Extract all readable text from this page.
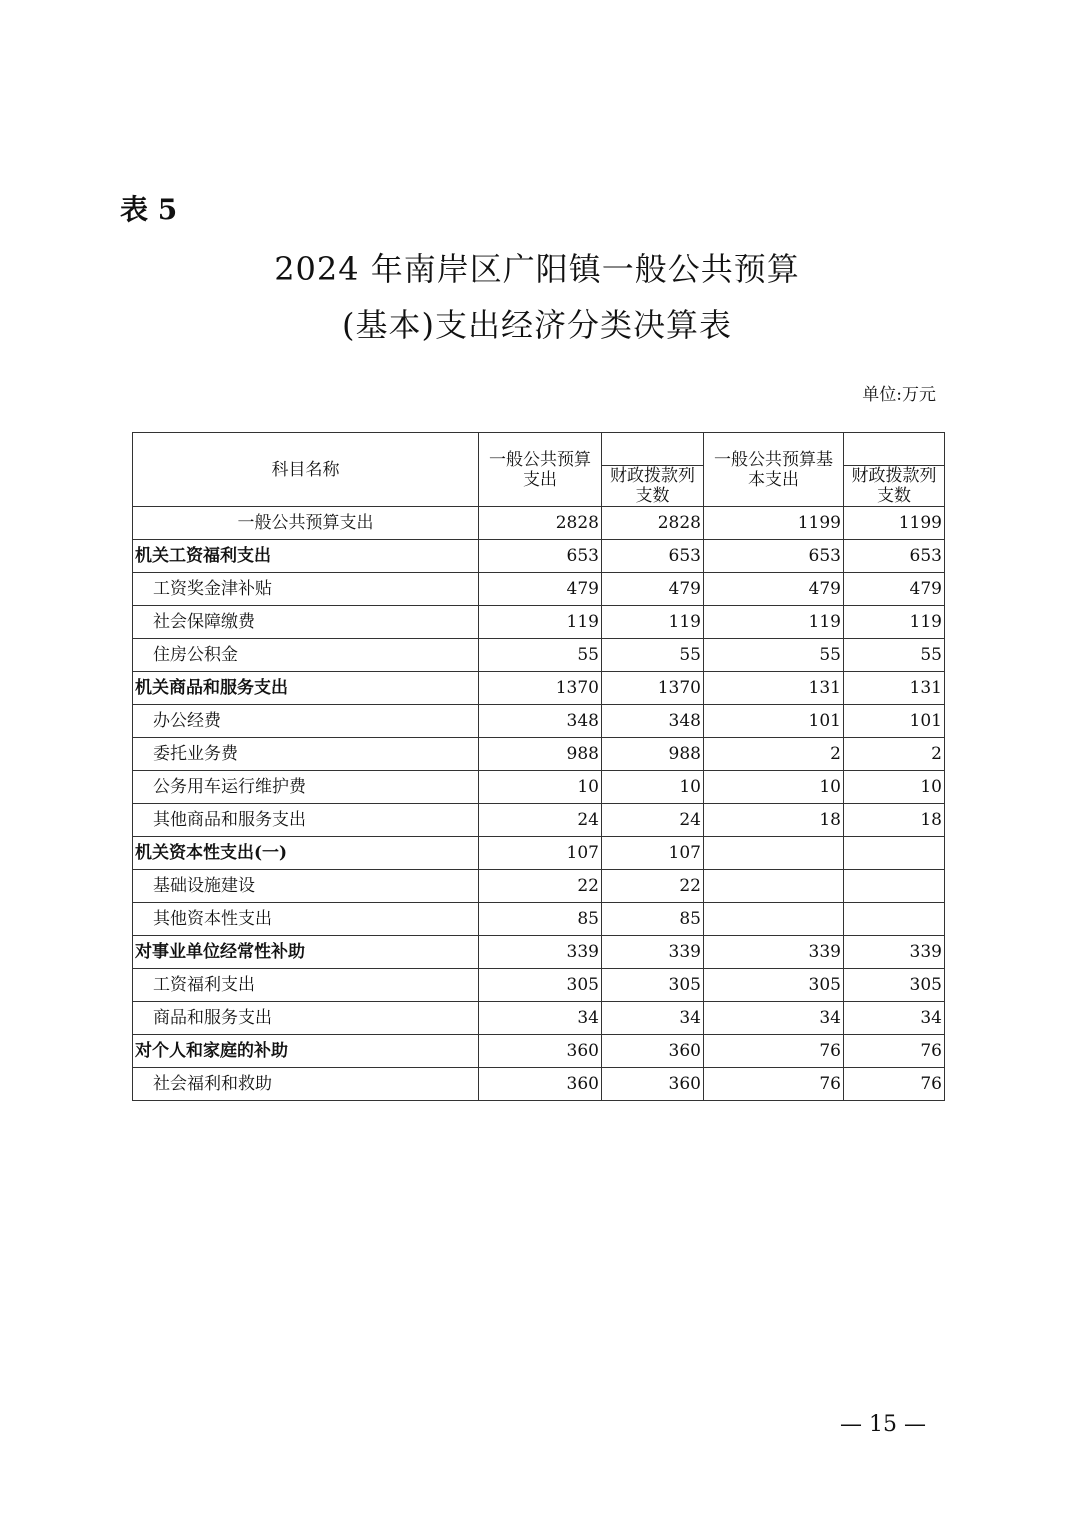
表 5
2024 年南岸区广阳镇一般公共预算
(基本)支出经济分类决算表
单位:万元
科目名称	一般公共预算支出		一般公共预算基本支出	
		财政拨款列支数		财政拨款列支数
一般公共预算支出	2828	2828	1199	1199
机关工资福利支出	653	653	653	653
工资奖金津补贴	479	479	479	479
社会保障缴费	119	119	119	119
住房公积金	55	55	55	55
机关商品和服务支出	1370	1370	131	131
办公经费	348	348	101	101
委托业务费	988	988	2	2
公务用车运行维护费	10	10	10	10
其他商品和服务支出	24	24	18	18
机关资本性支出(一)	107	107		
基础设施建设	22	22		
其他资本性支出	85	85		
对事业单位经常性补助	339	339	339	339
工资福利支出	305	305	305	305
商品和服务支出	34	34	34	34
对个人和家庭的补助	360	360	76	76
社会福利和救助	360	360	76	76
— 15 —
